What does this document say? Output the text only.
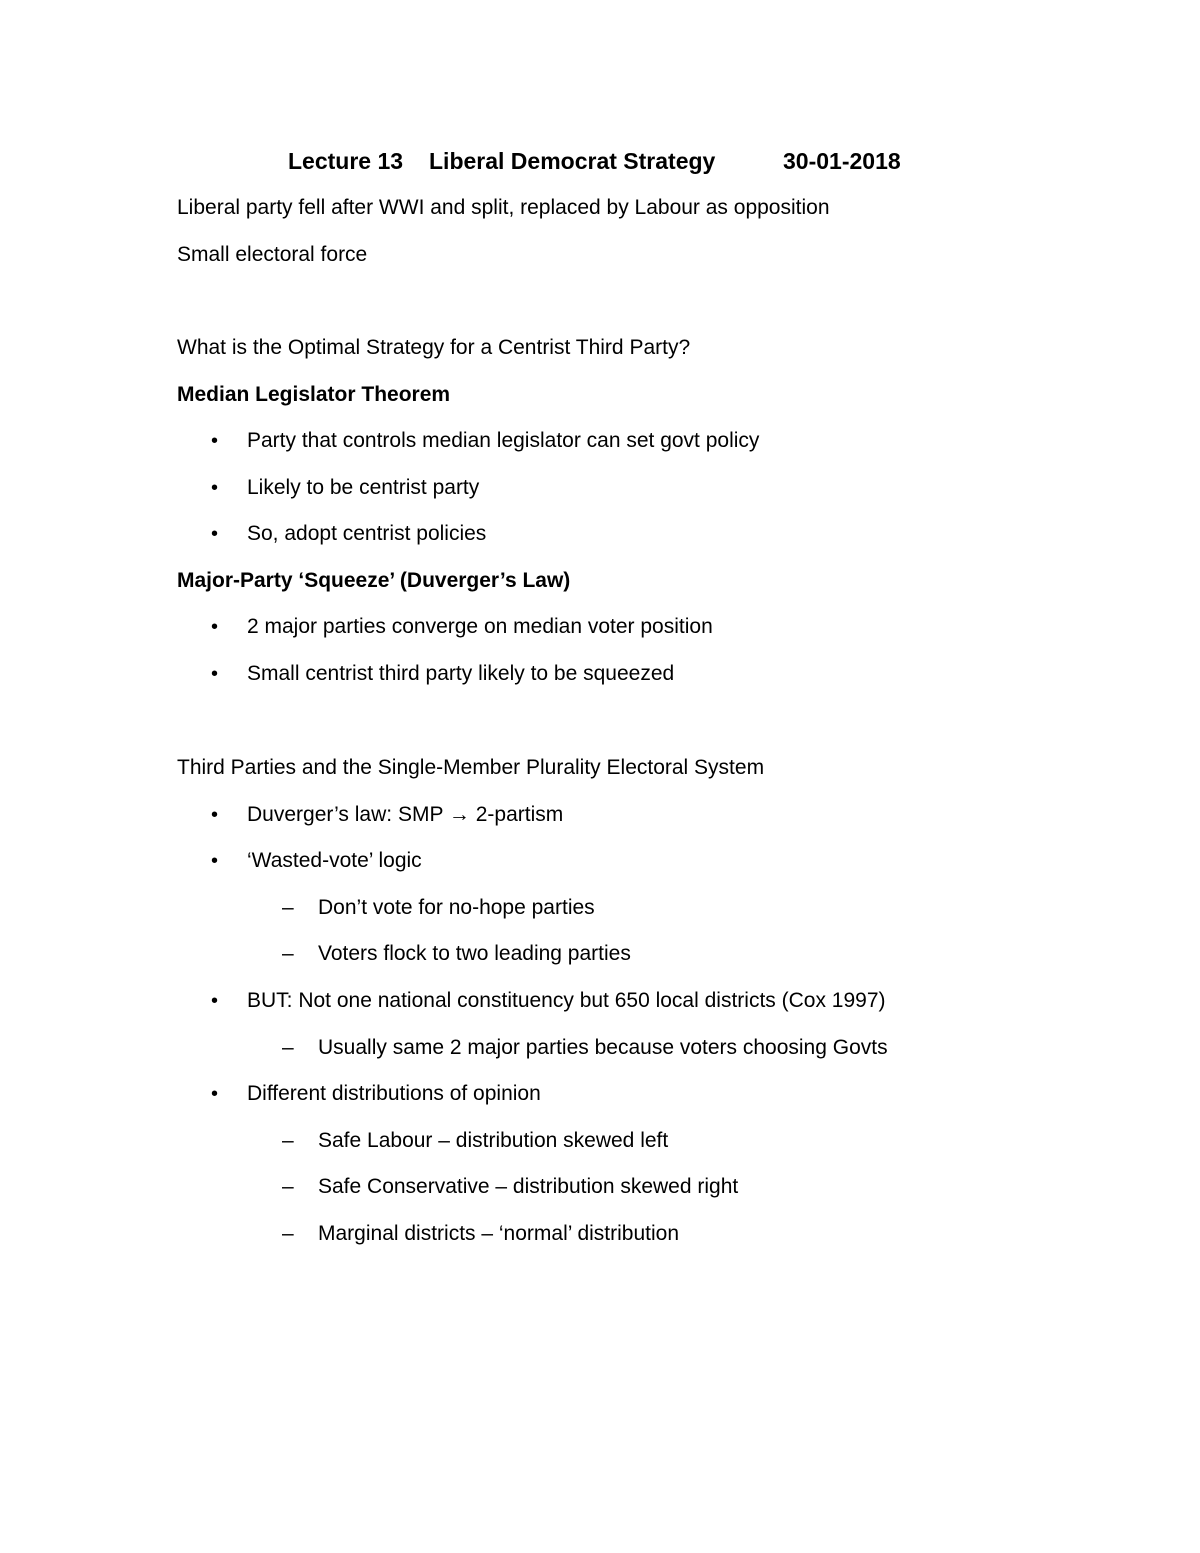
Lecture 13 Liberal Democrat Strategy	30-01-2018
Liberal party fell after WWI and split, replaced by Labour as opposition
Small electoral force
What is the Optimal Strategy for a Centrist Third Party?
Median Legislator Theorem
• Party that controls median legislator can set govt policy
• Likely to be centrist party
• So, adopt centrist policies
Major-Party ‘Squeeze’ (Duverger’s Law)
• 2 major parties converge on median voter position
• Small centrist third party likely to be squeezed
Third Parties and the Single-Member Plurality Electoral System
• Duverger’s law: SMP → 2-partism
• ‘Wasted-vote’ logic
– Don’t vote for no-hope parties
– Voters flock to two leading parties
• BUT: Not one national constituency but 650 local districts (Cox 1997)
– Usually same 2 major parties because voters choosing Govts
• Different distributions of opinion
– Safe Labour – distribution skewed left
– Safe Conservative – distribution skewed right
– Marginal districts – ‘normal’ distribution
